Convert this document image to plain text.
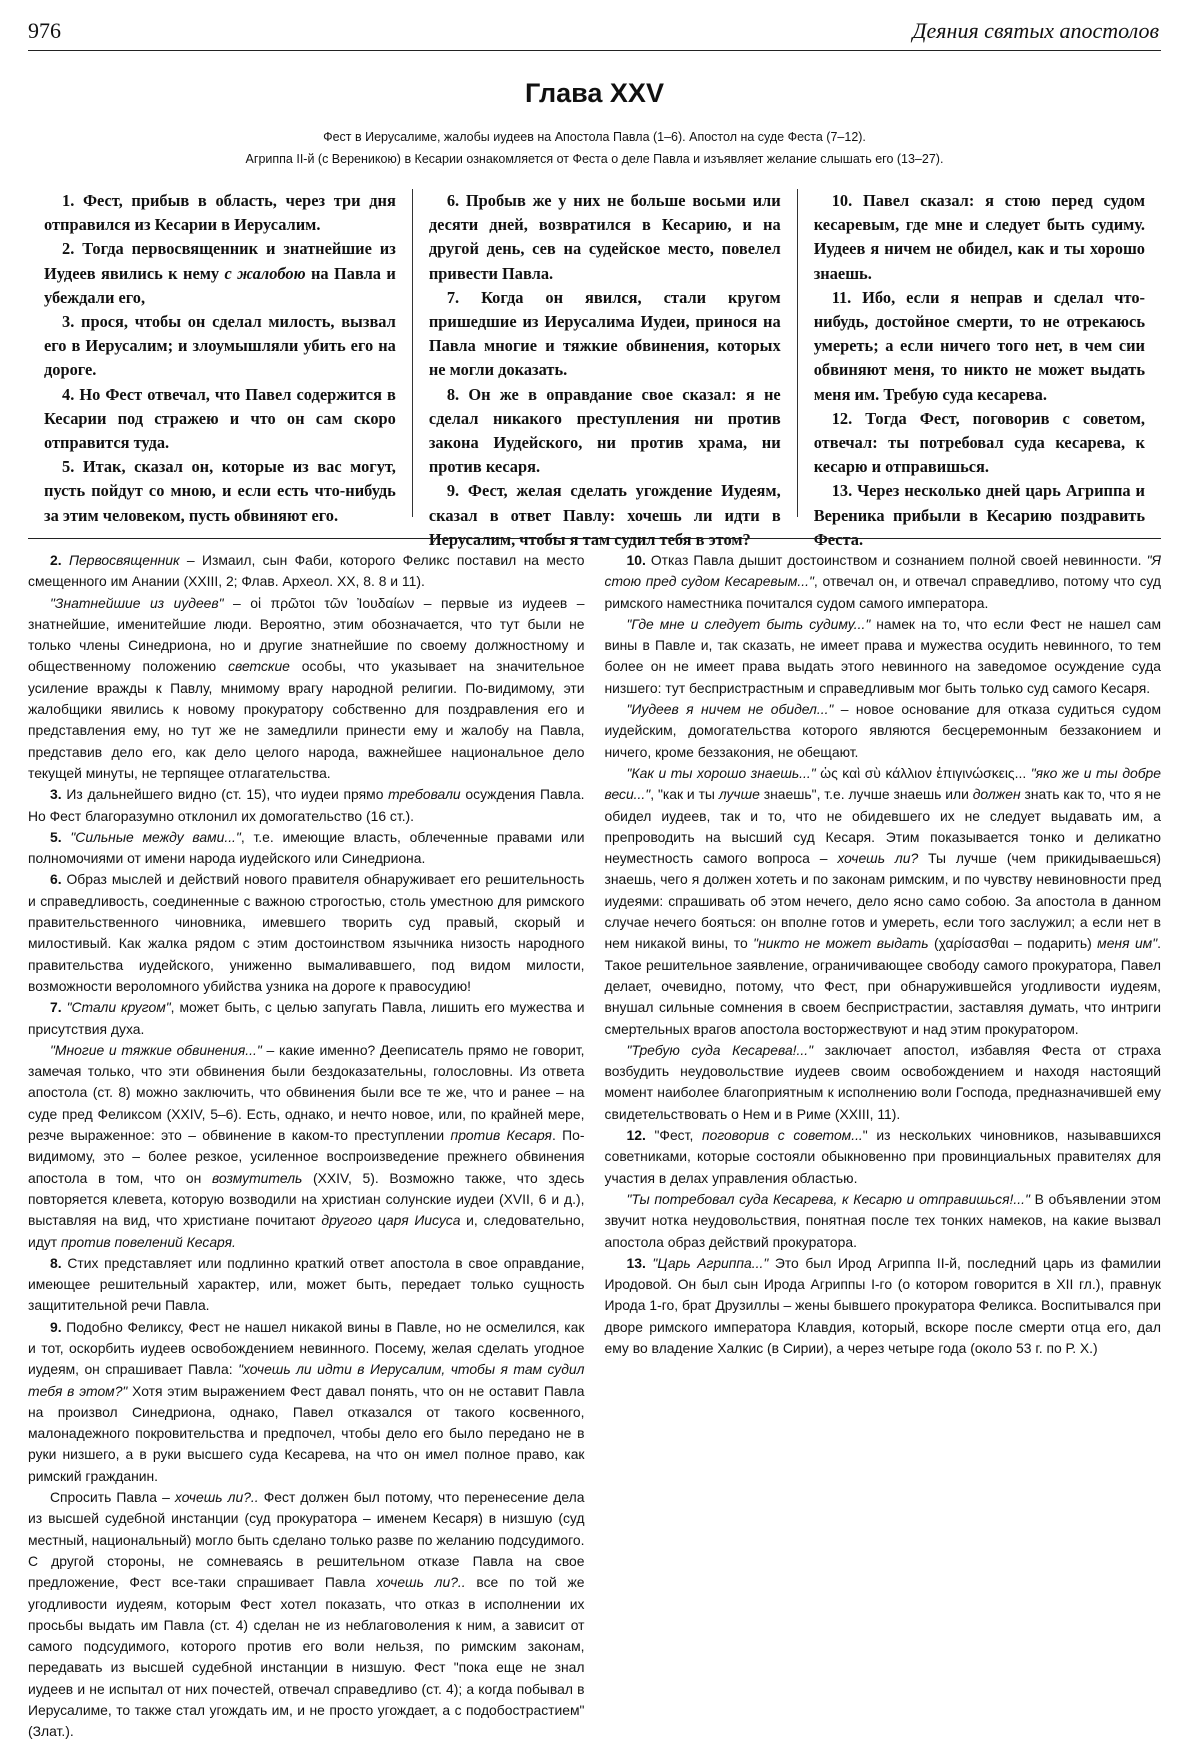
976	Деяния святых апостолов
Глава XXV
Фест в Иерусалиме, жалобы иудеев на Апостола Павла (1–6). Апостол на суде Феста (7–12).
Агриппа II-й (с Вереникою) в Кесарии ознакомляется от Феста о деле Павла и изъявляет желание слышать его (13–27).

1. Фест, прибыв в область, через три дня отправился из Кесарии в Иерусалим.

2. Тогда первосвященник и знатнейшие из Иудеев явились к нему с жалобою на Павла и убеждали его,

3. прося, чтобы он сделал милость, вызвал его в Иерусалим; и злоумышляли убить его на дороге.

4. Но Фест отвечал, что Павел содержится в Кесарии под стражею и что он сам скоро отправится туда.

5. Итак, сказал он, которые из вас могут, пусть пойдут со мною, и если есть что-нибудь за этим человеком, пусть обвиняют его.

6. Пробыв же у них не больше восьми или десяти дней, возвратился в Кесарию, и на другой день, сев на судейское место, повелел привести Павла.

7. Когда он явился, стали кругом пришедшие из Иерусалима Иудеи, принося на Павла многие и тяжкие обвинения, которых не могли доказать.

8. Он же в оправдание свое сказал: я не сделал никакого преступления ни против закона Иудейского, ни против храма, ни против кесаря.

9. Фест, желая сделать угождение Иудеям, сказал в ответ Павлу: хочешь ли идти в Иерусалим, чтобы я там судил тебя в этом?

10. Павел сказал: я стою перед судом кесаревым, где мне и следует быть судиму. Иудеев я ничем не обидел, как и ты хорошо знаешь.

11. Ибо, если я неправ и сделал что-нибудь, достойное смерти, то не отрекаюсь умереть; а если ничего того нет, в чем сии обвиняют меня, то никто не может выдать меня им. Требую суда кесарева.

12. Тогда Фест, поговорив с советом, отвечал: ты потребовал суда кесарева, к кесарю и отправишься.

13. Через несколько дней царь Агриппа и Вереника прибыли в Кесарию поздравить Феста.

2. Первосвященник – Измаил, сын Фаби, которого Феликс поставил на место смещенного им Анании (XXIII, 2; Флав. Археол. XX, 8. 8 и 11).

"Знатнейшие из иудеев" – οἱ πρῶτοι τῶν Ἰουδαίων – первые из иудеев – знатнейшие, именитейшие люди. Вероятно, этим обозначается, что тут были не только члены Синедриона, но и другие знатнейшие по своему должностному и общественному положению светские особы, что указывает на значительное усиление вражды к Павлу, мнимому врагу народной религии. По-видимому, эти жалобщики явились к новому прокуратору собственно для поздравления его и представления ему, но тут же не замедлили принести ему и жалобу на Павла, представив дело его, как дело целого народа, важнейшее национальное дело текущей минуты, не терпящее отлагательства.

3. Из дальнейшего видно (ст. 15), что иудеи прямо требовали осуждения Павла. Но Фест благоразумно отклонил их домогательство (16 ст.).

5. "Сильные между вами...", т.е. имеющие власть, облеченные правами или полномочиями от имени народа иудейского или Синедриона.

6. Образ мыслей и действий нового правителя обнаруживает его решительность и справедливость, соединенные с важною строгостью, столь уместною для римского правительственного чиновника, имевшего творить суд правый, скорый и милостивый. Как жалка рядом с этим достоинством язычника низость народного правительства иудейского, униженно вымаливавшего, под видом милости, возможности вероломного убийства узника на дороге к правосудию!

7. "Стали кругом", может быть, с целью запугать Павла, лишить его мужества и присутствия духа.

"Многие и тяжкие обвинения..." – какие именно? Дееписатель прямо не говорит, замечая только, что эти обвинения были бездоказательны, голословны. Из ответа апостола (ст. 8) можно заключить, что обвинения были все те же, что и ранее – на суде пред Феликсом (XXIV, 5–6). Есть, однако, и нечто новое, или, по крайней мере, резче выраженное: это – обвинение в каком-то преступлении против Кесаря. По-видимому, это – более резкое, усиленное воспроизведение прежнего обвинения апостола в том, что он возмутитель (XXIV, 5). Возможно также, что здесь повторяется клевета, которую возводили на христиан солунские иудеи (XVII, 6 и д.), выставляя на вид, что христиане почитают другого царя Иисуса и, следовательно, идут против повелений Кесаря.

8. Стих представляет или подлинно краткий ответ апостола в свое оправдание, имеющее решительный характер, или, может быть, передает только сущность защитительной речи Павла.

9. Подобно Феликсу, Фест не нашел никакой вины в Павле, но не осмелился, как и тот, оскорбить иудеев освобождением невинного. Посему, желая сделать угодное иудеям, он спрашивает Павла: "хочешь ли идти в Иерусалим, чтобы я там судил тебя в этом?" Хотя этим выражением Фест давал понять, что он не оставит Павла на произвол Синедриона, однако, Павел отказался от такого косвенного, малонадежного покровительства и предпочел, чтобы дело его было передано не в руки низшего, а в руки высшего суда Кесарева, на что он имел полное право, как римский гражданин.

Спросить Павла – хочешь ли?.. Фест должен был потому, что перенесение дела из высшей судебной инстанции (суд прокуратора – именем Кесаря) в низшую (суд местный, национальный) могло быть сделано только разве по желанию подсудимого. С другой стороны, не сомневаясь в решительном отказе Павла на свое предложение, Фест все-таки спрашивает Павла хочешь ли?.. все по той же угодливости иудеям, которым Фест хотел показать, что отказ в исполнении их просьбы выдать им Павла (ст. 4) сделан не из неблаговоления к ним, а зависит от самого подсудимого, которого против его воли нельзя, по римским законам, передавать из высшей судебной инстанции в низшую. Фест "пока еще не знал иудеев и не испытал от них почестей, отвечал справедливо (ст. 4); а когда побывал в Иерусалиме, то также стал угождать им, и не просто угождает, а с подобострастием" (Злат.).

10. Отказ Павла дышит достоинством и сознанием полной своей невинности. "Я стою пред судом Кесаревым...", отвечал он, и отвечал справедливо, потому что суд римского наместника почитался судом самого императора.

"Где мне и следует быть судиму..." намек на то, что если Фест не нашел сам вины в Павле и, так сказать, не имеет права и мужества осудить невинного, то тем более он не имеет права выдать этого невинного на заведомое осуждение суда низшего: тут беспристрастным и справедливым мог быть только суд самого Кесаря.

"Иудеев я ничем не обидел..." – новое основание для отказа судиться судом иудейским, домогательства которого являются бесцеремонным беззаконием и ничего, кроме беззакония, не обещают.

"Как и ты хорошо знаешь..." ὡς καὶ σὺ κάλλιον ἐπιγινώσκεις... "яко же и ты добре веси...", "как и ты лучше знаешь", т.е. лучше знаешь или должен знать как то, что я не обидел иудеев, так и то, что не обидевшего их не следует выдавать им, а препроводить на высший суд Кесаря. Этим показывается тонко и деликатно неуместность самого вопроса – хочешь ли? Ты лучше (чем прикидываешься) знаешь, чего я должен хотеть и по законам римским, и по чувству невиновности пред иудеями: спрашивать об этом нечего, дело ясно само собою. За апостола в данном случае нечего бояться: он вполне готов и умереть, если того заслужил; а если нет в нем никакой вины, то "никто не может выдать (χαρίσασθαι – подарить) меня им". Такое решительное заявление, ограничивающее свободу самого прокуратора, Павел делает, очевидно, потому, что Фест, при обнаружившейся угодливости иудеям, внушал сильные сомнения в своем беспристрастии, заставляя думать, что интриги смертельных врагов апостола восторжествуют и над этим прокуратором.

"Требую суда Кесарева!..." заключает апостол, избавляя Феста от страха возбудить неудовольствие иудеев своим освобождением и находя настоящий момент наиболее благоприятным к исполнению воли Господа, предназначившей ему свидетельствовать о Нем и в Риме (XXIII, 11).

12. "Фест, поговорив с советом..." из нескольких чиновников, называвшихся советниками, которые состояли обыкновенно при провинциальных правителях для участия в делах управления областью.

"Ты потребовал суда Кесарева, к Кесарю и отправишься!..." В объявлении этом звучит нотка неудовольствия, понятная после тех тонких намеков, на какие вызвал апостола образ действий прокуратора.

13. "Царь Агриппа..." Это был Ирод Агриппа II-й, последний царь из фамилии Иродовой. Он был сын Ирода Агриппы I-го (о котором говорится в XII гл.), правнук Ирода 1-го, брат Друзиллы – жены бывшего прокуратора Феликса. Воспитывался при дворе римского императора Клавдия, который, вскоре после смерти отца его, дал ему во владение Халкис (в Сирии), а через четыре года (около 53 г. по Р. Х.)
